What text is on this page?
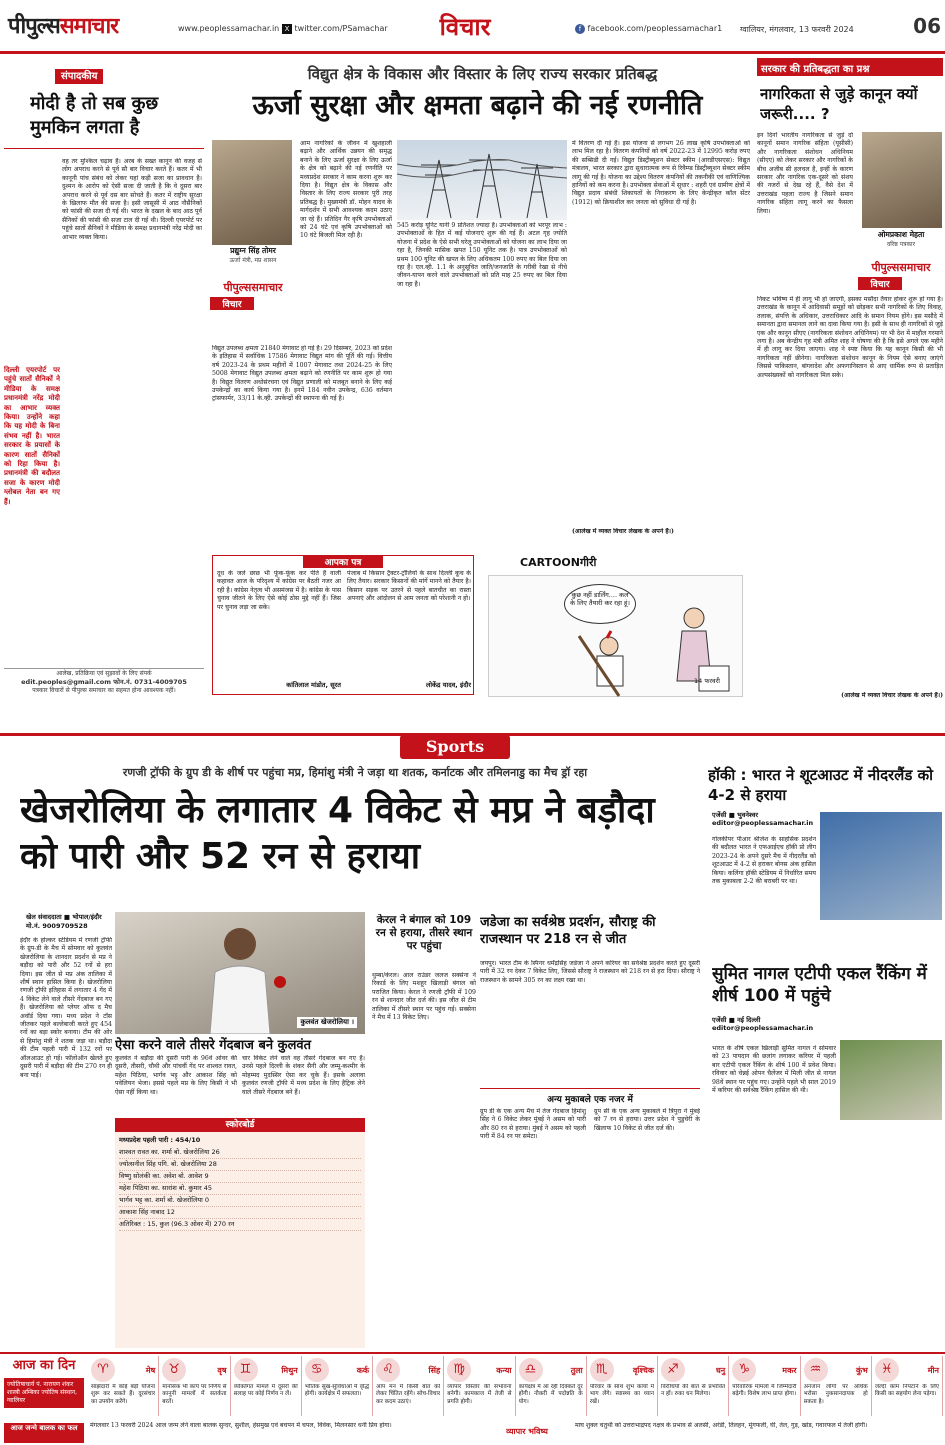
पीपुल्ससमाचार	www.peoplessamachar.in X twitter.com/PSamachar	विचार	f facebook.com/peoplessamachar1 ग्वालियर, मंगलवार, 13 फरवरी 2024	06
संपादकीय
मोदी है तो सब कुछ मुमकिन लगता है
वह तर मुश्किल चढ़ाव हैं। अरब के सख्त कानून की वजह से लोग अपराध करने से पूर्व सौ बार विचार करते हैं। कतर में भी कानूनी पांच संबंध को लेकर यहां कड़ी सजा का प्रावधान है। दुश्मन के आरोप को ऐसी सजा दी जाती है कि वे दूसरा बार अपराध करने से पूर्व दस बार सोचते हैं। कतर में राष्ट्रीय सुरक्षा के खिलाफ मौत की सजा है। इसी जासूसी में आठ नौसैनिकों को फांसी की सजा दी गई थी। भारत के दखल के बाद आठ पूर्व सैनिकों की फांसी की सजा टाल दी गई थी। दिल्ली एयरपोर्ट पर पहुंचे सातों सैनिकों ने मीडिया के समक्ष प्रधानमंत्री नरेंद्र मोदी का आभार व्यक्त किया।
दिल्ली एयरपोर्ट पर पहुंचे सातों सैनिकों ने मीडिया के समक्ष प्रधानमंत्री नरेंद्र मोदी का आभार व्यक्त किया। उन्होंने कहा कि यह मोदी के बिना संभव नहीं है। भारत सरकार के प्रयासों के कारण सातों सैनिकों को रिहा किया है। प्रधानमंत्री की बदौलत सजा के कारण मोदी ग्लोबल नेता बन गए हैं।
आलेख, प्रतिक्रिया एवं सुझावों के लिए संपर्क
edit.peoples@gmail.com फोन.नं. 0731-4009705
पत्रकार विचारों से पीपुल्स समाचार का सहमत होना आवश्यक नहीं।
विद्युत क्षेत्र के विकास और विस्तार के लिए राज्य सरकार प्रतिबद्ध
ऊर्जा सुरक्षा और क्षमता बढ़ाने की नई रणनीति
प्रद्युम्न सिंह तोमर
ऊर्जा मंत्री, मप्र शासन
पीपुल्ससमाचार
विचार
आम नागरिकों के जीवन में खुशहाली बढ़ाने और आर्थिक उन्नयन की समृद्ध बनाने के लिए ऊर्जा सुरक्षा के लिए ऊर्जा के क्षेत्र को बढ़ाने की नई रणनीति पर मध्यप्रदेश सरकार ने काम करना शुरू कर दिया है। विद्युत क्षेत्र के विकास और विस्तार के लिए राज्य सरकार पूरी तरह प्रतिबद्ध है। मुख्यमंत्री डॉ. मोहन यादव के मार्गदर्शन में सभी आवश्यक कदम उठाए जा रहे हैं। प्रतिदिन गैर कृषि उपभोक्ताओं को 24 घंटे एवं कृषि उपभोक्ताओं को 10 घंटे बिजली मिल रही है।
विद्युत उपलब्ध क्षमता 21840 मेगावाट हो गई है। 29 दिसम्बर, 2023 को प्रदेश के इतिहास में सर्वाधिक 17586 मेगावाट विद्युत मांग की पूर्ति की गई। वित्तीय वर्ष 2023-24 के प्रथम महीनों में 1007 मेगावाट तथा 2024-25 के लिए 5008 मेगावाट विद्युत उपलब्ध क्षमता बढ़ाने को रणनीति पर काम शुरू हो गया है। विद्युत वितरण अधोसंरचना एवं विद्युत प्रणाली को मजबूत बनाने के लिए कई उपकेन्द्रों का कार्य किया गया है। इनमें 184 नवीन उपकेन्द्र, 636 वर्तमान ट्रांसफार्मर, 33/11 के.व्ही. उपकेन्द्रों की स्थापना की गई है।
545 करोड़ यूनिट यानी 9 प्रतिशत ज्यादा है। उपभोक्ताओं को भरपूर लाभ : उपभोक्ताओं के हित में कई योजनाएं शुरू की गई हैं। अटल गृह ज्योति योजना में प्रदेश के ऐसे सभी घरेलू उपभोक्ताओं को योजना का लाभ दिया जा रहा है, जिनकी मासिक खपत 150 यूनिट तक है। पात्र उपभोक्ताओं को प्रथम 100 यूनिट की खपत के लिए अधिकतम 100 रुपए का बिल दिया जा रहा है। एल.व्ही. 1.1 के अनुसूचित जाति/जनजाति के गरीबी रेखा से नीचे जीवन-यापन करने वाले उपभोक्ताओं को प्रति माह 25 रुपए का बिल दिया जा रहा है।
में वितरण दी गई है। इस योजना से लगभग 26 लाख कृषि उपभोक्ताओं को लाभ मिल रहा है। वितरण कंपनियों को वर्ष 2022-23 में 12995 करोड़ रुपए की सब्सिडी दी गई। विद्युत डिस्ट्रीब्यूशन सेक्टर स्कीम (आरडीएसएस): विद्युत मंत्रालय, भारत सरकार द्वारा सुधारात्मक रूप से रिवैम्प्ड डिस्ट्रीब्यूशन सेक्टर स्कीम लागू की गई है। योजना का उद्देश्य वितरण कंपनियों की तकनीकी एवं वाणिज्यिक हानियों को कम करना है। उपभोक्ता सेवाओं में सुधार : शहरी एवं ग्रामीण क्षेत्रों में विद्युत प्रदाय संबंधी शिकायतों के निराकरण के लिए केन्द्रीकृत कॉल सेंटर (1912) को क्रियाशील कर जनता को सुविधा दी गई है।
(आलेख में व्यक्त विचार लेखक के अपने हैं।)
आपका पत्र
दूध के जले छाछ भी फूंक-फूंक कर पीते हैं वाली कहावत आज के परिदृश्य में कांग्रेस पर बैठती नजर आ रही है। कांग्रेस नेतृत्व भी असमंजस में है। कांग्रेस के पास चुनाव जीतने के लिए ऐसे कोई ठोस मुद्दे नहीं हैं। जिस पर चुनाव लड़ा जा सके।
कांतिलाल मांडोत, सूरत
पंजाब में किसान ट्रैक्टर-ट्रॉलियों के साथ दिल्ली कूच के लिए तैयार। सरकार किसानों की मांगें मानने को तैयार है। किसान सड़क पर उतरने से पहले बातचीत का रास्ता अपनाएं और आंदोलन से आम जनता को परेशानी न हो।
लोकेंद्र यादव, इंदौर
CARTOONगीरी
कुछ नहीं डार्लिंग.... कल के लिए तैयारी कर रहा हूं।
14 फरवरी
सरकार की प्रतिबद्धता का प्रश्न
नागरिकता से जुड़े कानून क्यों जरूरी.... ?
इन दिनों भारतीय नागरिकता से जुड़े दो कानूनों समान नागरिक संहिता (यूसीसी) और नागरिकता संशोधन अधिनियम (सीएए) को लेकर सरकार और नागरिकों के बीच अजीब सी हलचल है, इन्हीं के कारण सरकार और नागरिक एक-दूसरे को संशय की नजरों से देख रहे हैं, वैसे देश में उत्तराखंड पहला राज्य है जिसने समान नागरिक संहिता लागू करने का फैसला लिया।
ओमप्रकाश मेहता
वरिष्ठ पत्रकार
पीपुल्ससमाचार
विचार
निकट भविष्य में ही लागू भी हो जाएगी, इसका मसौदा तैयार होकर शुरू हो गया है। उत्तराखंड के कानून में आदिवासी समूहों को छोड़कर सभी नागरिकों के लिए विवाह, तलाक, संपत्ति के अधिकार, उत्तराधिकार आदि के समान नियम होंगे। इस मसौदे में समानता द्वारा समानता लाने का दावा किया गया है। इसी के साथ ही नागरिकों से जुड़े एक और कानून सीएए (नागरिकता संशोधन अधिनियम) पर भी देश में माहौल गरमाने लगा है। अब केन्द्रीय गृह मंत्री अमित शाह ने घोषणा की है कि इसे अगले एक महीने में ही लागू कर दिया जाएगा। शाह ने स्पष्ट किया कि यह कानून किसी की भी नागरिकता नहीं छीनेगा। नागरिकता संशोधन कानून के नियम ऐसे बनाए जाएंगे जिससे पाकिस्तान, बांग्लादेश और अफगानिस्तान से आए धार्मिक रूप से प्रताड़ित अल्पसंख्यकों को नागरिकता मिल सके।
(आलेख में व्यक्त विचार लेखक के अपने हैं।)
Sports
रणजी ट्रॉफी के ग्रुप डी के शीर्ष पर पहुंचा मप्र, हिमांशु मंत्री ने जड़ा था शतक, कर्नाटक और तमिलनाडु का मैच ड्रॉ रहा
खेजरोलिया के लगातार 4 विकेट से मप्र ने बड़ौदा को पारी और 52 रन से हराया
खेल संवाददाता ■ भोपाल/इंदौर
मो.नं. 9009709528
इंदौर के होल्कर स्टेडियम में रणजी ट्रॉफी के ग्रुप-डी के मैच में सोमवार को कुलवंत खेजरोलिया के शानदार प्रदर्शन से मप्र ने बड़ौदा को पारी और 52 रनों से हरा दिया। इस जीत से मप्र अंक तालिका में शीर्ष स्थान हासिल किया है। खेजरोलिया रणजी ट्रॉफी इतिहास में लगातार 4 गेंद में 4 विकेट लेने वाले तीसरे गेंदबाज बन गए हैं। खेजरोलिया को प्लेयर ऑफ द मैच अवॉर्ड दिया गया। मध्य प्रदेश ने टॉस जीतकर पहले बल्लेबाजी करते हुए 454 रनों का बड़ा स्कोर बनाया। टीम की ओर से हिमांशु मंत्री ने शतक जड़ा था। बड़ौदा की टीम पहली पारी में 132 रनों पर ऑलआउट हो गई। फॉलोऑन खेलते हुए दूसरी पारी में बड़ौदा की टीम 270 रन ही बना पाई।
कुलवंत खेजरोलिया ।
ऐसा करने वाले तीसरे गेंदबाज बने कुलवंत
कुलवंत ने बड़ौदा की दूसरी पारी के 96वें ओवर की दूसरी, तीसरी, चौथी और पांचवीं गेंद पर शाश्वत रावत, महेश पिठिया, भार्गव भट्ट और आकाश सिंह को पवेलियन भेजा। इससे पहले मप्र के लिए किसी ने भी ऐसा नहीं किया था।
चार विकेट लेने वाले वह तीसरे गेंदबाज बन गए हैं। उनसे पहले दिल्ली के शंकर सैनी और जम्मू-कश्मीर के मोहम्मद मुदस्सिर ऐसा कर चुके हैं। इसके अलावा कुलवंत रणजी ट्रॉफी में मध्य प्रदेश के लिए हैट्रिक लेने वाले तीसरे गेंदबाज बने हैं।
स्कोरबोर्ड
मध्यप्रदेश पहली पारी : 454/10
शाश्वत रावत का. शर्मा बो. खेजरोलिया 26
ज्योत्सनील सिंह पगि. बो. खेजरोलिया 28
विष्णु सोलंकी का. अवेश बो. आवेश 9
महेश पिठिया का. सारांश बो. कुमार 45
भार्गव भट्ट का. शर्मा बो. खेजरोलिया 0
आकाश सिंह नाबाद 12
अतिरिक्त : 15, कुल (96.3 ओवर में) 270 रन
केरल ने बंगाल को 109 रन से हराया, तीसरे स्थान पर पहुंचा
थुम्बा/केरल। आल राउंडर जलज सक्सेना ने रिकार्ड के लिए मशहूर खिलाड़ी बंगाल को पराजित किया। केरल ने रणजी ट्रॉफी में 109 रन से शानदार जीत दर्ज की। इस जीत से टीम तालिका में तीसरे स्थान पर पहुंच गई। सक्सेना ने मैच में 13 विकेट लिए।
जडेजा का सर्वश्रेष्ठ प्रदर्शन, सौराष्ट्र की राजस्थान पर 218 रन से जीत
जयपुर। भारत टीम के स्पिनर धर्मेंद्रसिंह जडेजा ने अपने करियर का सर्वश्रेष्ठ प्रदर्शन करते हुए दूसरी पारी में 32 रन देकर 7 विकेट लिए, जिससे सौराष्ट्र ने राजस्थान को 218 रन से हरा दिया। सौराष्ट्र ने राजस्थान के सामने 305 रन का लक्ष्य रखा था।
अन्य मुकाबले एक नजर में
ग्रुप डी के एक अन्य मैच में तेज गेंदबाज हिमांशु सिंह ने 6 विकेट लेकर मुंबई ने असम को पारी और 80 रन से हराया। मुंबई ने असम को पहली पारी में 84 रन पर समेटा।
ग्रुप सी के एक अन्य मुकाबले में त्रिपुरा ने मुंबई को 7 रन से हराया। उत्तर प्रदेश ने पुडुचेरी के खिलाफ 10 विकेट से जीत दर्ज की।
हॉकी : भारत ने शूटआउट में नीदरलैंड को 4-2 से हराया
एजेंसी ■ भुवनेश्वर
editor@peoplessamachar.in
गोलकीपर पीआर श्रीजेश के साहसिक प्रदर्शन की बदौलत भारत ने एफआईएच हॉकी प्रो लीग 2023-24 के अपने दूसरे मैच में नीदरलैंड को शूटआउट में 4-2 से हराकर बोनस अंक हासिल किया। कलिंगा हॉकी स्टेडियम में निर्धारित समय तक मुकाबला 2-2 की बराबरी पर था।
सुमित नागल एटीपी एकल रैंकिंग में शीर्ष 100 में पहुंचे
एजेंसी ■ नई दिल्ली
editor@peoplessamachar.in
भारत के शीर्ष एकल खिलाड़ी सुमित नागल ने सोमवार को 23 पायदान की छलांग लगाकर करियर में पहली बार एटीपी एकल रैंकिंग के शीर्ष 100 में प्रवेश किया। रविवार को चेन्नई ओपन चैलेंजर में मिली जीत से नागल 98वें स्थान पर पहुंच गए। उन्होंने पहले भी साल 2019 में करियर की सर्वश्रेष्ठ रैंकिंग हासिल की थी।
आज का दिन
ज्योतिषाचार्य पं. नारायण शंकर शास्त्री अम्बिका ज्योतिष संस्थान, ग्वालियर
♈	मेष
साझेदारी में कोई बड़ी योजना शुरू कर सकते हैं। दूरसंचार का उपयोग करेंगे।
♉	वृष
मानसिक भी कार्य पर निर्णय से कानूनी मामलों में सतर्कता बरतें।
♊	मिथुन
व्यक्तिगत मामले में दूसरों की सलाह पर कोई निर्णय न लें।
♋	कर्क
भौतिक सुख-सुविधाओं में वृद्धि होगी। कार्यक्षेत्र में सफलता।
♌	सिंह
आप मन में किसी बात को लेकर चिंतित रहेंगे। सोच-विचार कर कदम उठाएं।
♍	कन्या
व्यापार विस्तार की संभावना बनेगी। कामकाज में तेजी से प्रगति होगी।
♎	तुला
कार्यक्षेत्र में आ रही दिक्कतें दूर होंगी। नौकरी में पदोन्नति के योग।
♏	वृश्चिक
परिवार के साथ शुभ कार्यों में भाग लेंगे। स्वास्थ्य का ध्यान रखें।
♐	धनु
विरोधियों की बात से प्रभावित न हों। रुका धन मिलेगा।
♑	मकर
परिवारिक मामलों में जिम्मेदारी बढ़ेगी। विशेष लाभ प्राप्त होगा।
♒	कुंभ
अनजान लोगों पर अधिक भरोसा नुकसानदायक हो सकता है।
♓	मीन
जल्दी काम निपटाने के लिए किसी का सहयोग लेना पड़ेगा।
आज जन्मे बालक का फल	मंगलवार 13 फरवरी 2024 आज जन्म लेने वाला बालक सुन्दर, सुशील, हंसमुख एवं बचपन में चपल, विवेक, मिलनसार धनी प्रिय होगा।
व्यापार भविष्य
माघ शुक्ल चतुर्थी को उत्तराभाद्रपद नक्षत्र के प्रभाव से अलसी, अरंडी, तिलहन, मूंगफली, घी, तेल, गुड़, खांड, गवारफल में तेजी होगी।
